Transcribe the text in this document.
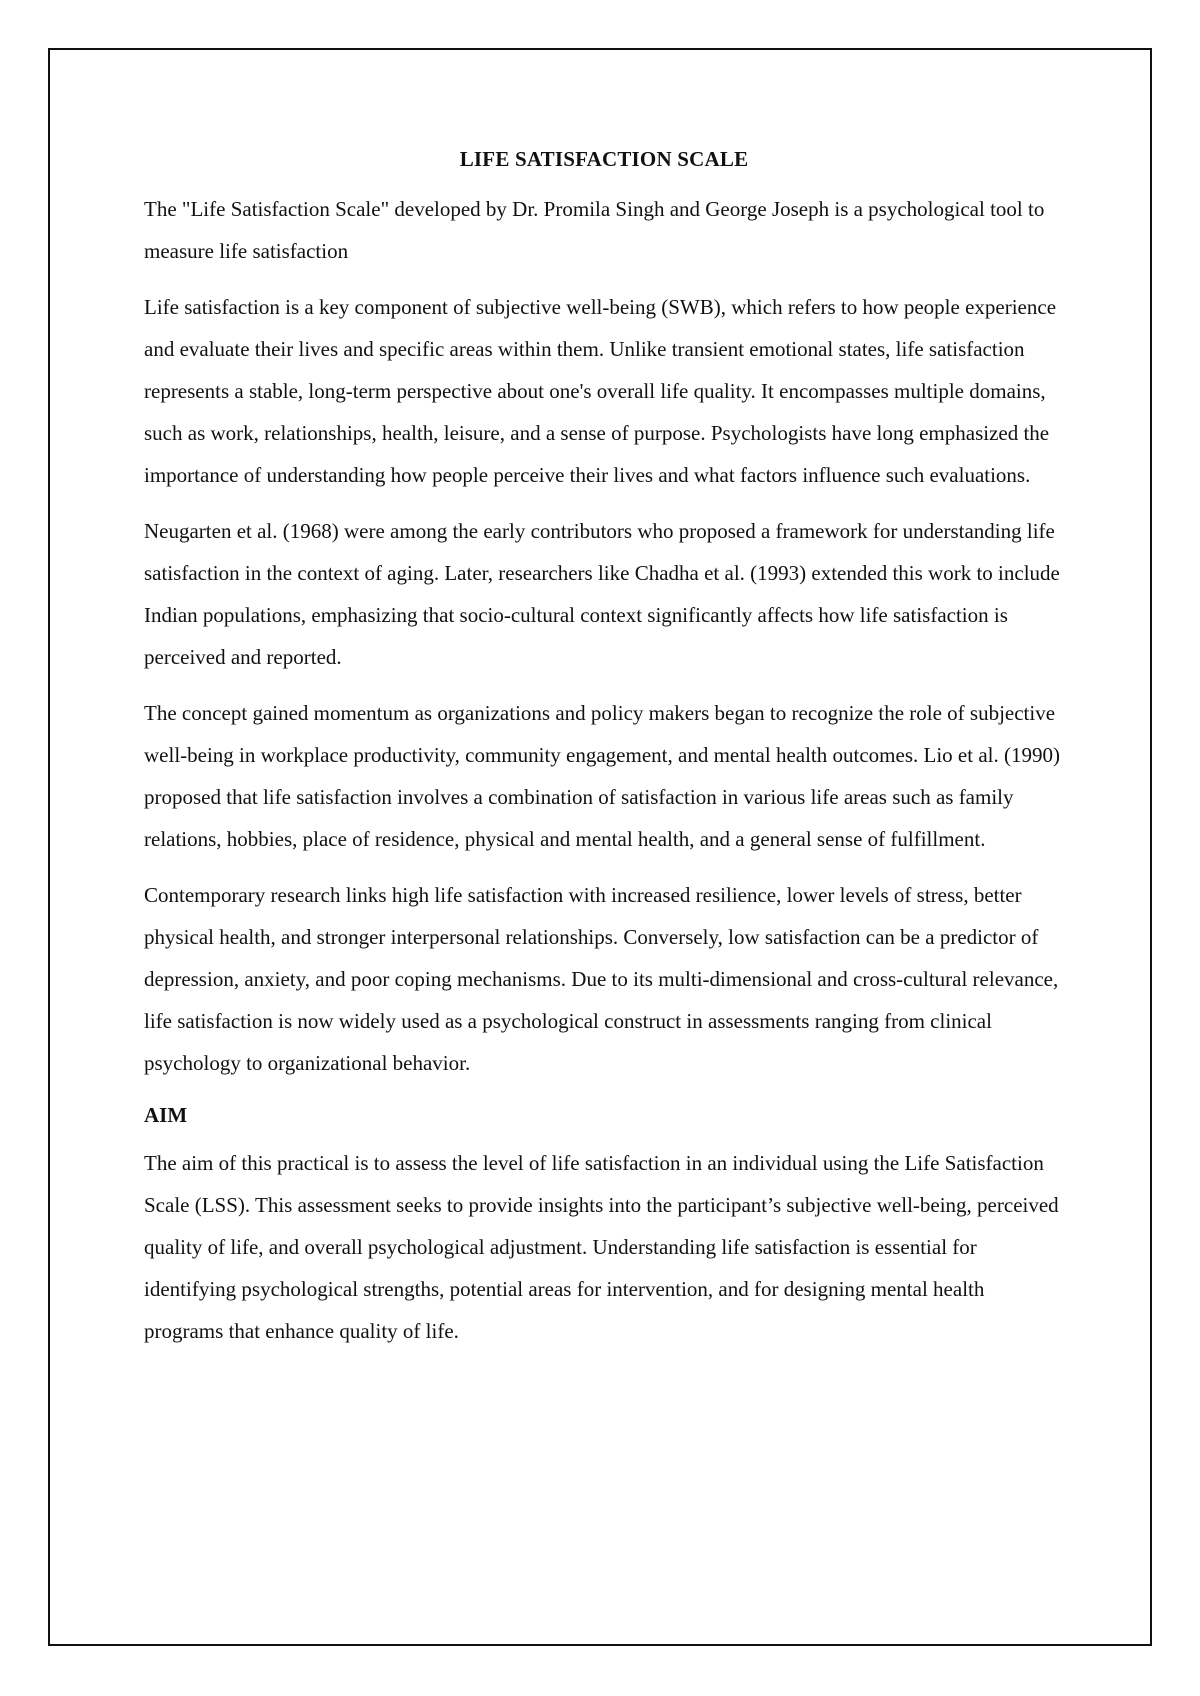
LIFE SATISFACTION SCALE

The "Life Satisfaction Scale" developed by Dr. Promila Singh and George Joseph is a psychological tool to measure life satisfaction

Life satisfaction is a key component of subjective well-being (SWB), which refers to how people experience and evaluate their lives and specific areas within them. Unlike transient emotional states, life satisfaction represents a stable, long-term perspective about one's overall life quality. It encompasses multiple domains, such as work, relationships, health, leisure, and a sense of purpose. Psychologists have long emphasized the importance of understanding how people perceive their lives and what factors influence such evaluations.

Neugarten et al. (1968) were among the early contributors who proposed a framework for understanding life satisfaction in the context of aging. Later, researchers like Chadha et al. (1993) extended this work to include Indian populations, emphasizing that socio-cultural context significantly affects how life satisfaction is perceived and reported.

The concept gained momentum as organizations and policy makers began to recognize the role of subjective well-being in workplace productivity, community engagement, and mental health outcomes. Lio et al. (1990) proposed that life satisfaction involves a combination of satisfaction in various life areas such as family relations, hobbies, place of residence, physical and mental health, and a general sense of fulfillment.

Contemporary research links high life satisfaction with increased resilience, lower levels of stress, better physical health, and stronger interpersonal relationships. Conversely, low satisfaction can be a predictor of depression, anxiety, and poor coping mechanisms. Due to its multi-dimensional and cross-cultural relevance, life satisfaction is now widely used as a psychological construct in assessments ranging from clinical psychology to organizational behavior.

AIM

The aim of this practical is to assess the level of life satisfaction in an individual using the Life Satisfaction Scale (LSS). This assessment seeks to provide insights into the participant’s subjective well-being, perceived quality of life, and overall psychological adjustment. Understanding life satisfaction is essential for identifying psychological strengths, potential areas for intervention, and for designing mental health programs that enhance quality of life.
